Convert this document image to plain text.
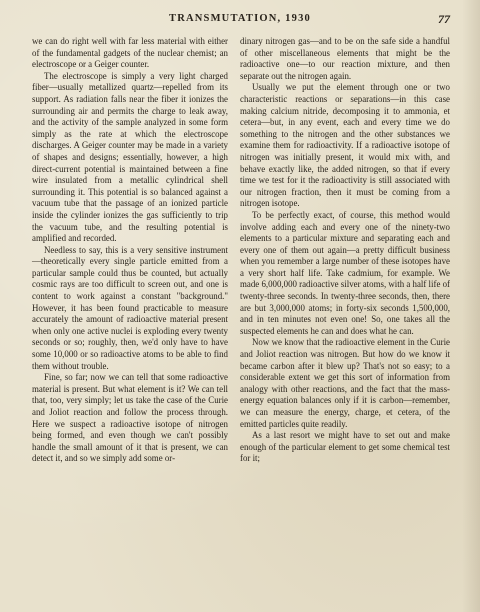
TRANSMUTATION, 1930	77

we can do right well with far less material with either of the fundamental gadgets of the nuclear chemist; an electroscope or a Geiger counter.

The electroscope is simply a very light charged fiber—usually metallized quartz—repelled from its support. As radiation falls near the fiber it ionizes the surrounding air and permits the charge to leak away, and the activity of the sample analyzed in some form simply as the rate at which the electroscope discharges. A Geiger counter may be made in a variety of shapes and designs; essentially, however, a high direct-current potential is maintained between a fine wire insulated from a metallic cylindrical shell surrounding it. This potential is so balanced against a vacuum tube that the passage of an ionized particle inside the cylinder ionizes the gas sufficiently to trip the vacuum tube, and the resulting potential is amplified and recorded.

Needless to say, this is a very sensitive instrument—theoretically every single particle emitted from a particular sample could thus be counted, but actually cosmic rays are too difficult to screen out, and one is content to work against a constant "background." However, it has been found practicable to measure accurately the amount of radioactive material present when only one active nuclei is exploding every twenty seconds or so; roughly, then, we'd only have to have some 10,000 or so radioactive atoms to be able to find them without trouble.

Fine, so far; now we can tell that some radioactive material is present. But what element is it? We can tell that, too, very simply; let us take the case of the Curie and Joliot reaction and follow the process through. Here we suspect a radioactive isotope of nitrogen being formed, and even though we can't possibly handle the small amount of it that is present, we can detect it, and so we simply add some or-

dinary nitrogen gas—and to be on the safe side a handful of other miscellaneous elements that might be the radioactive one—to our reaction mixture, and then separate out the nitrogen again.

Usually we put the element through one or two characteristic reactions or separations—in this case making calcium nitride, decomposing it to ammonia, et cetera—but, in any event, each and every time we do something to the nitrogen and the other substances we examine them for radioactivity. If a radioactive isotope of nitrogen was initially present, it would mix with, and behave exactly like, the added nitrogen, so that if every time we test for it the radioactivity is still associated with our nitrogen fraction, then it must be coming from a nitrogen isotope.

To be perfectly exact, of course, this method would involve adding each and every one of the ninety-two elements to a particular mixture and separating each and every one of them out again—a pretty difficult business when you remember a large number of these isotopes have a very short half life. Take cadmium, for example. We made 6,000,000 radioactive silver atoms, with a half life of twenty-three seconds. In twenty-three seconds, then, there are but 3,000,000 atoms; in forty-six seconds 1,500,000, and in ten minutes not even one! So, one takes all the suspected elements he can and does what he can.

Now we know that the radioactive element in the Curie and Joliot reaction was nitrogen. But how do we know it became carbon after it blew up? That's not so easy; to a considerable extent we get this sort of information from analogy with other reactions, and the fact that the mass-energy equation balances only if it is carbon—remember, we can measure the energy, charge, et cetera, of the emitted particles quite readily.

As a last resort we might have to set out and make enough of the particular element to get some chemical test for it;
